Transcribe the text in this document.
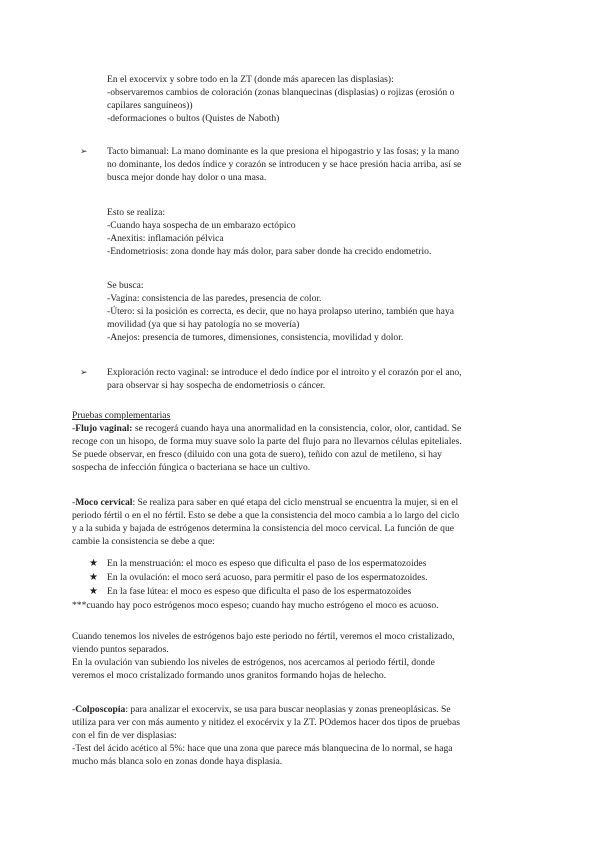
En el exocervix y sobre todo en la ZT (donde más aparecen las displasias):
-observaremos cambios de coloración (zonas blanquecinas (displasias) o rojizas (erosión o
capilares sanguíneos))
-deformaciones o bultos (Quistes de Naboth)
➢ Tacto bimanual: La mano dominante es la que presiona el hipogastrio y las fosas; y la mano
no dominante, los dedos índice y corazón se introducen y se hace presión hacia arriba, así se
busca mejor donde hay dolor o una masa.
Esto se realiza:
-Cuando haya sospecha de un embarazo ectópico
-Anexitis: inflamación pélvica
-Endometriosis: zona donde hay más dolor, para saber donde ha crecido endometrio.
Se busca:
-Vagina: consistencia de las paredes, presencia de color.
-Útero: si la posición es correcta, es decir, que no haya prolapso uterino, también que haya
movilidad (ya que si hay patología no se movería)
-Anejos: presencia de tumores, dimensiones, consistencia, movilidad y dolor.
➢ Exploración recto vaginal: se introduce el dedo índice por el introito y el corazón por el ano,
para observar si hay sospecha de endometriosis o cáncer.
Pruebas complementarias
-Flujo vaginal: se recogerá cuando haya una anormalidad en la consistencia, color, olor, cantidad. Se
recoge con un hisopo, de forma muy suave solo la parte del flujo para no llevarnos células epiteliales.
Se puede observar, en fresco (diluido con una gota de suero), teñido con azul de metileno, si hay
sospecha de infección fúngica o bacteriana se hace un cultivo.
-Moco cervical: Se realiza para saber en qué etapa del ciclo menstrual se encuentra la mujer, si en el
periodo fértil o en el no fértil. Esto se debe a que la consistencia del moco cambia a lo largo del ciclo
y a la subida y bajada de estrógenos determina la consistencia del moco cervical. La función de que
cambie la consistencia se debe a que:
★ En la menstruación: el moco es espeso que dificulta el paso de los espermatozoides
★ En la ovulación: el moco será acuoso, para permitir el paso de los espermatozoides.
★ En la fase lútea: el moco es espeso que dificulta el paso de los espermatozoides
***cuando hay poco estrógenos moco espeso; cuando hay mucho estrógeno el moco es acuoso.
Cuando tenemos los niveles de estrógenos bajo este periodo no fértil, veremos el moco cristalizado,
viendo puntos separados.
En la ovulación van subiendo los niveles de estrógenos, nos acercamos al periodo fértil, donde
veremos el moco cristalizado formando unos granitos formando hojas de helecho.
-Colposcopia: para analizar el exocervix, se usa para buscar neoplasias y zonas preneoplásicas. Se
utiliza para ver con más aumento y nitidez el exocérvix y la ZT. POdemos hacer dos tipos de pruebas
con el fin de ver displasias:
-Test del ácido acético al 5%: hace que una zona que parece más blanquecina de lo normal, se haga
mucho más blanca solo en zonas donde haya displasia.
